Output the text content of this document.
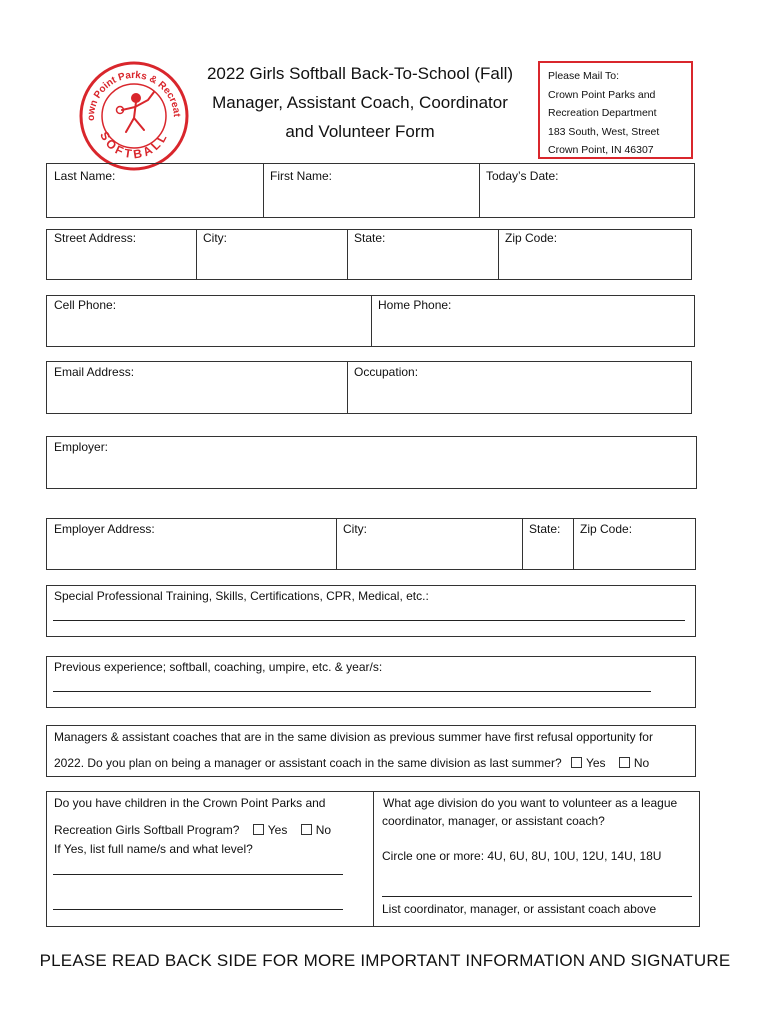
own Point Parks & Recreat
SOFTBALL
2022 Girls Softball Back-To-School (Fall)
Manager, Assistant Coach, Coordinator
and Volunteer Form
Please Mail To:
Crown Point Parks and
Recreation Department
183 South, West, Street
Crown Point, IN 46307
Last Name:	First Name:	Today’s Date:
Street Address:	City:	State:	Zip Code:
Cell Phone:	Home Phone:
Email Address:	Occupation:
Employer:
Employer Address:	City:	State: Zip Code:
Special Professional Training, Skills, Certifications, CPR, Medical, etc.:
Previous experience; softball, coaching, umpire, etc. & year/s:
Managers & assistant coaches that are in the same division as previous summer have first refusal opportunity for
2022. Do you plan on being a manager or assistant coach in the same division as last summer? Yes No
Do you have children in the Crown Point Parks and
Recreation Girls Softball Program? Yes No
If Yes, list full name/s and what level?
What age division do you want to volunteer as a league
coordinator, manager, or assistant coach?
Circle one or more: 4U, 6U, 8U, 10U, 12U, 14U, 18U
List coordinator, manager, or assistant coach above
PLEASE READ BACK SIDE FOR MORE IMPORTANT INFORMATION AND SIGNATURE
